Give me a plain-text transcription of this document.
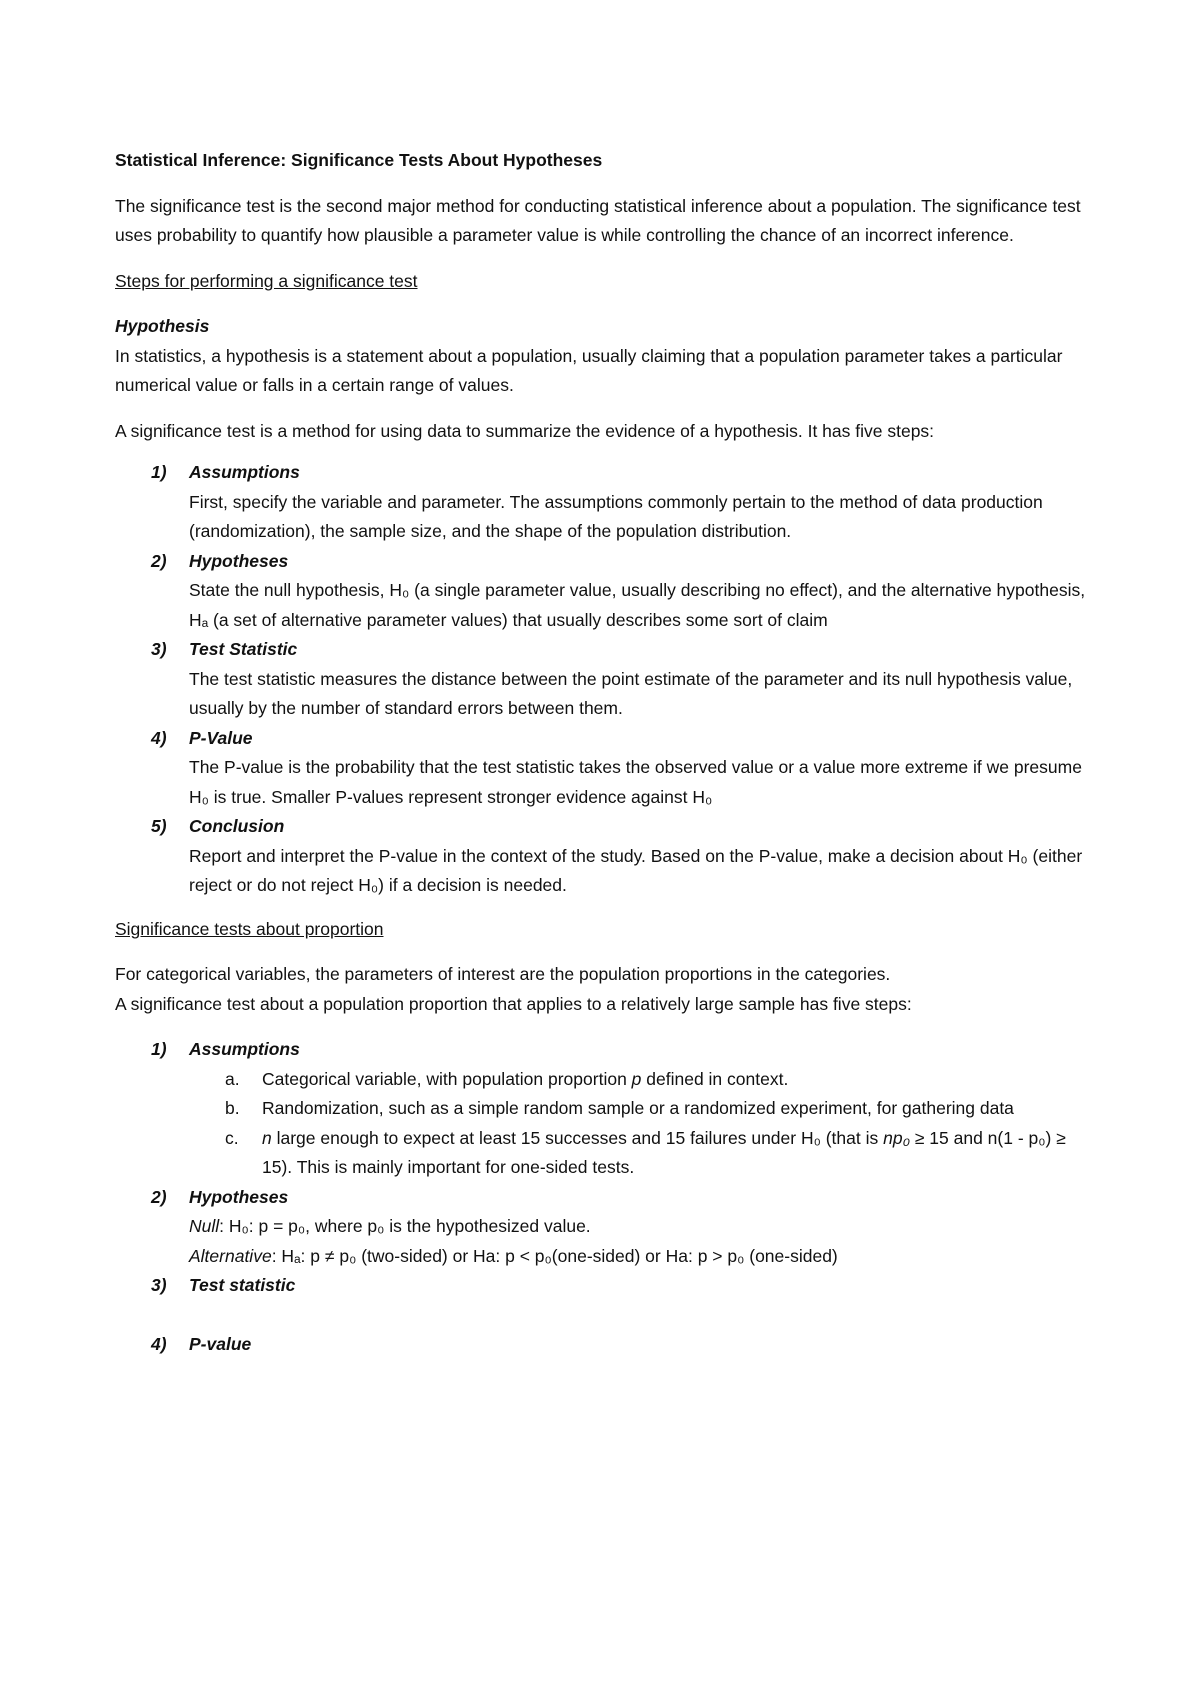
Statistical Inference: Significance Tests About Hypotheses

The significance test is the second major method for conducting statistical inference about a population. The significance test uses probability to quantify how plausible a parameter value is while controlling the chance of an incorrect inference.

Steps for performing a significance test

Hypothesis

In statistics, a hypothesis is a statement about a population, usually claiming that a population parameter takes a particular numerical value or falls in a certain range of values.

A significance test is a method for using data to summarize the evidence of a hypothesis. It has five steps:

1) Assumptions

First, specify the variable and parameter. The assumptions commonly pertain to the method of data production (randomization), the sample size, and the shape of the population distribution.

2) Hypotheses

State the null hypothesis, H₀ (a single parameter value, usually describing no effect), and the alternative hypothesis, Hₐ (a set of alternative parameter values) that usually describes some sort of claim

3) Test Statistic

The test statistic measures the distance between the point estimate of the parameter and its null hypothesis value, usually by the number of standard errors between them.

4) P-Value

The P-value is the probability that the test statistic takes the observed value or a value more extreme if we presume H₀ is true. Smaller P-values represent stronger evidence against H₀

5) Conclusion

Report and interpret the P-value in the context of the study. Based on the P-value, make a decision about H₀ (either reject or do not reject H₀) if a decision is needed.

Significance tests about proportion

For categorical variables, the parameters of interest are the population proportions in the categories.

A significance test about a population proportion that applies to a relatively large sample has five steps:

1) Assumptions

a. Categorical variable, with population proportion p defined in context.

b. Randomization, such as a simple random sample or a randomized experiment, for gathering data

c. n large enough to expect at least 15 successes and 15 failures under H₀ (that is np₀ ≥ 15 and n(1 - p₀) ≥ 15). This is mainly important for one-sided tests.

2) Hypotheses

Null: H₀: p = p₀, where p₀ is the hypothesized value.

Alternative: Hₐ: p ≠ p₀ (two-sided) or Ha: p < p₀(one-sided) or Ha: p > p₀ (one-sided)

3) Test statistic

4) P-value
